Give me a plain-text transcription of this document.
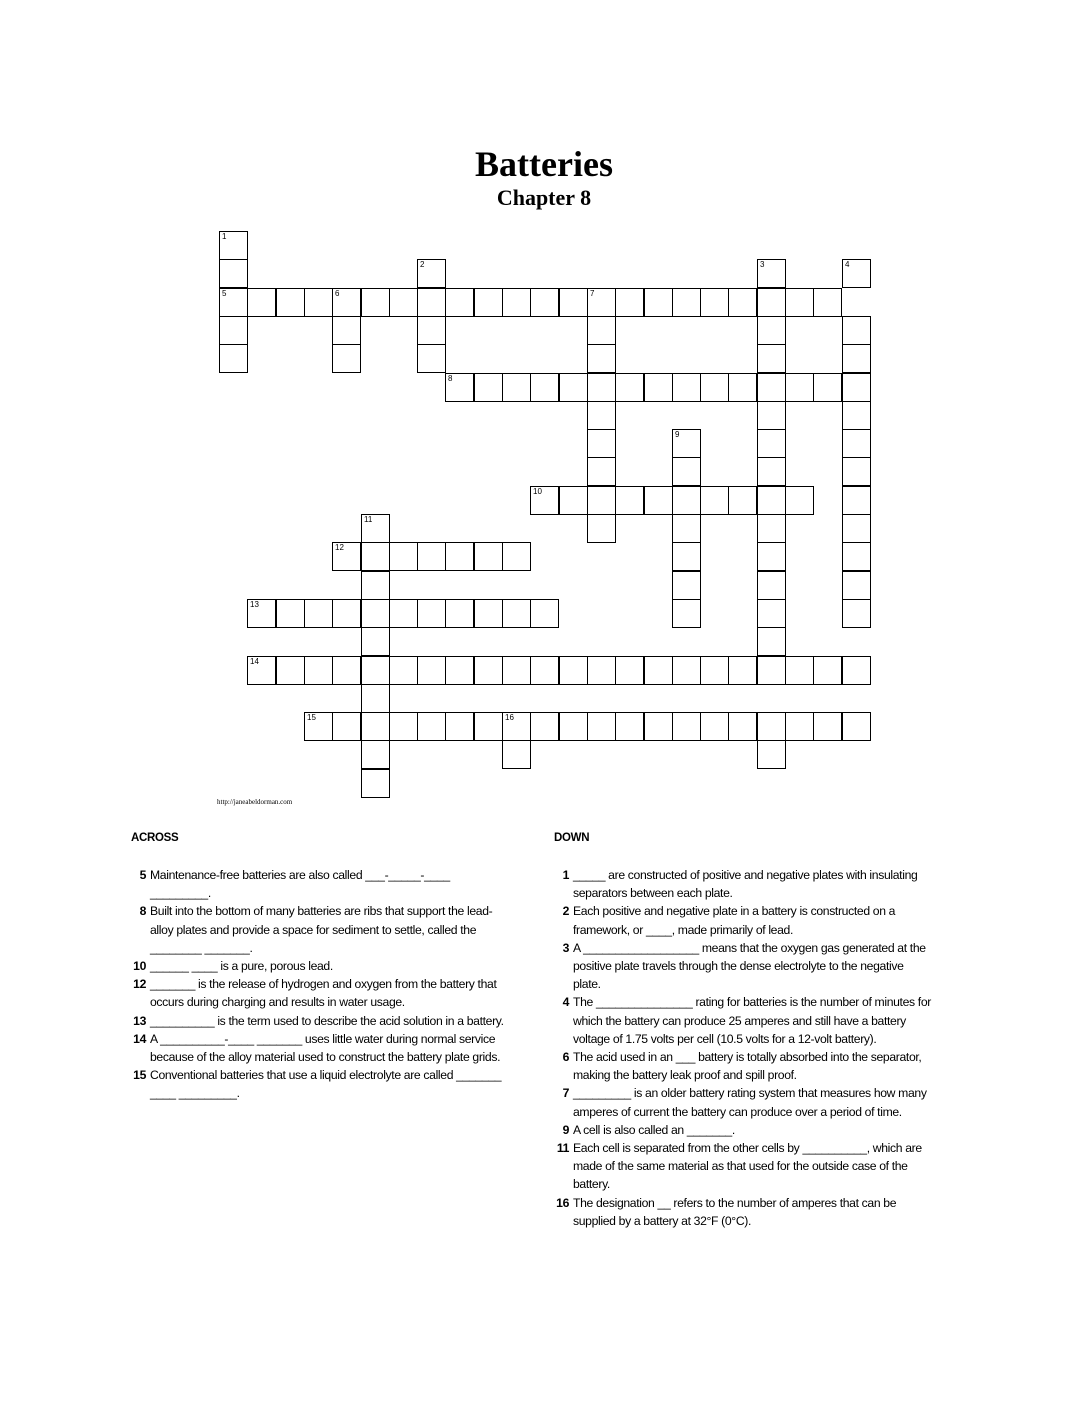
Batteries
Chapter 8
1
5	6	7
2
8
3	4
9
10
11
12
13
14
15	16
http://janeabeldorman.com
ACROSS	DOWN
5 Maintenance-free batteries are also called ___-_____-____ _________.
8 Built into the bottom of many batteries are ribs that support the lead-alloy plates and provide a space for sediment to settle, called the ________ _______.
10 ______ ____ is a pure, porous lead.
12 _______ is the release of hydrogen and oxygen from the battery that occurs during charging and results in water usage.
13 __________ is the term used to describe the acid solution in a battery.
14 A __________-____ _______ uses little water during normal service because of the alloy material used to construct the battery plate grids.
15 Conventional batteries that use a liquid electrolyte are called _______ ____ _________.
1 _____ are constructed of positive and negative plates with insulating separators between each plate.
2 Each positive and negative plate in a battery is constructed on a framework, or ____, made primarily of lead.
3 A __________________ means that the oxygen gas generated at the positive plate travels through the dense electrolyte to the negative plate.
4 The _______________ rating for batteries is the number of minutes for which the battery can produce 25 amperes and still have a battery voltage of 1.75 volts per cell (10.5 volts for a 12-volt battery).
6 The acid used in an ___ battery is totally absorbed into the separator, making the battery leak proof and spill proof.
7 _________ is an older battery rating system that measures how many amperes of current the battery can produce over a period of time.
9 A cell is also called an _______.
11 Each cell is separated from the other cells by __________, which are made of the same material as that used for the outside case of the battery.
16 The designation __ refers to the number of amperes that can be supplied by a battery at 32°F (0°C).
